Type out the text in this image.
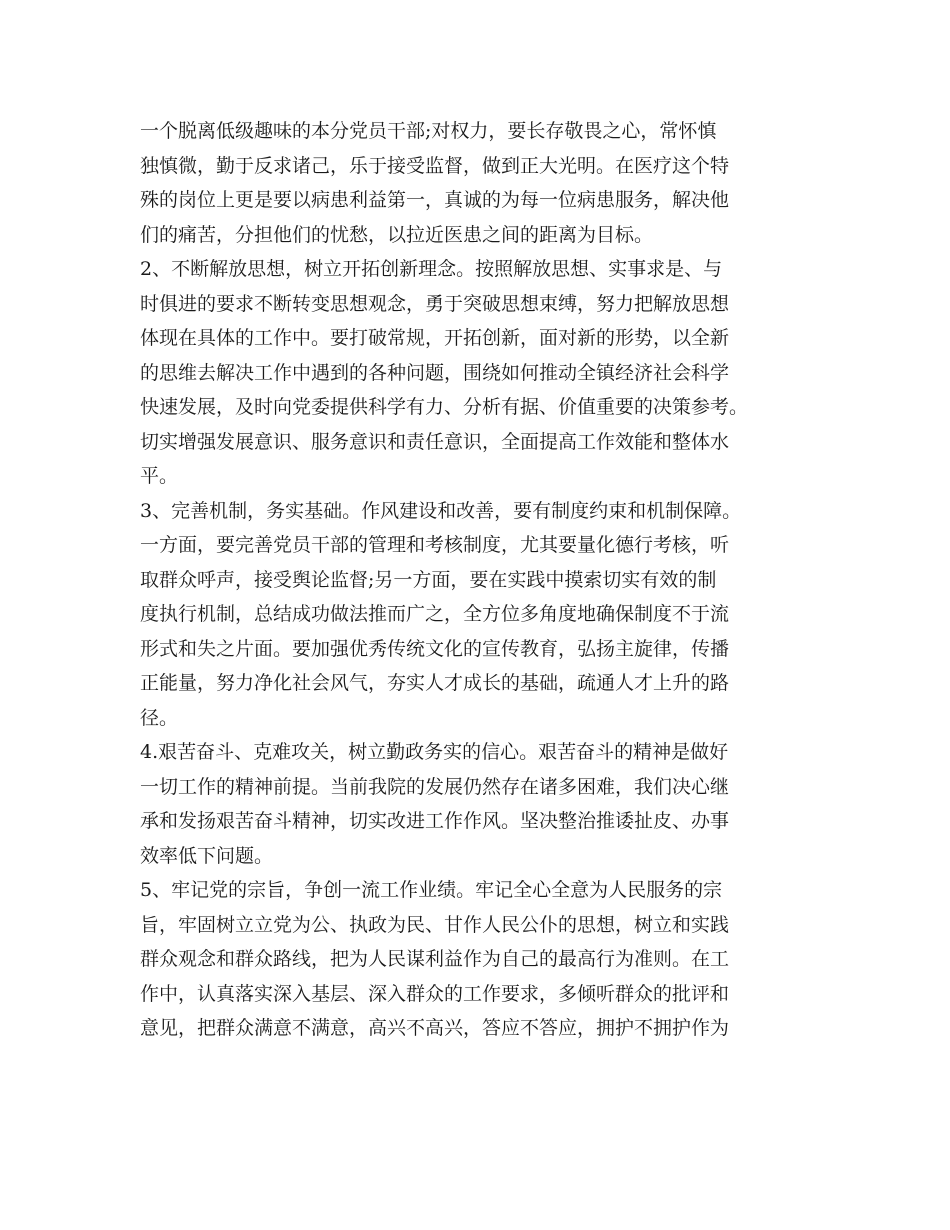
一个脱离低级趣味的本分党员干部;对权力，要长存敬畏之心，常怀慎
独慎微，勤于反求诸己，乐于接受监督，做到正大光明。在医疗这个特
殊的岗位上更是要以病患利益第一，真诚的为每一位病患服务，解决他
们的痛苦，分担他们的忧愁，以拉近医患之间的距离为目标。
2、不断解放思想，树立开拓创新理念。按照解放思想、实事求是、与
时俱进的要求不断转变思想观念，勇于突破思想束缚，努力把解放思想
体现在具体的工作中。要打破常规，开拓创新，面对新的形势，以全新
的思维去解决工作中遇到的各种问题，围绕如何推动全镇经济社会科学
快速发展，及时向党委提供科学有力、分析有据、价值重要的决策参考。
切实增强发展意识、服务意识和责任意识，全面提高工作效能和整体水
平。
3、完善机制，务实基础。作风建设和改善，要有制度约束和机制保障。
一方面，要完善党员干部的管理和考核制度，尤其要量化德行考核，听
取群众呼声，接受舆论监督;另一方面，要在实践中摸索切实有效的制
度执行机制，总结成功做法推而广之，全方位多角度地确保制度不于流
形式和失之片面。要加强优秀传统文化的宣传教育，弘扬主旋律，传播
正能量，努力净化社会风气，夯实人才成长的基础，疏通人才上升的路
径。
4.艰苦奋斗、克难攻关，树立勤政务实的信心。艰苦奋斗的精神是做好
一切工作的精神前提。当前我院的发展仍然存在诸多困难，我们决心继
承和发扬艰苦奋斗精神，切实改进工作作风。坚决整治推诿扯皮、办事
效率低下问题。
5、牢记党的宗旨，争创一流工作业绩。牢记全心全意为人民服务的宗
旨，牢固树立立党为公、执政为民、甘作人民公仆的思想，树立和实践
群众观念和群众路线，把为人民谋利益作为自己的最高行为准则。在工
作中，认真落实深入基层、深入群众的工作要求，多倾听群众的批评和
意见，把群众满意不满意，高兴不高兴，答应不答应，拥护不拥护作为
